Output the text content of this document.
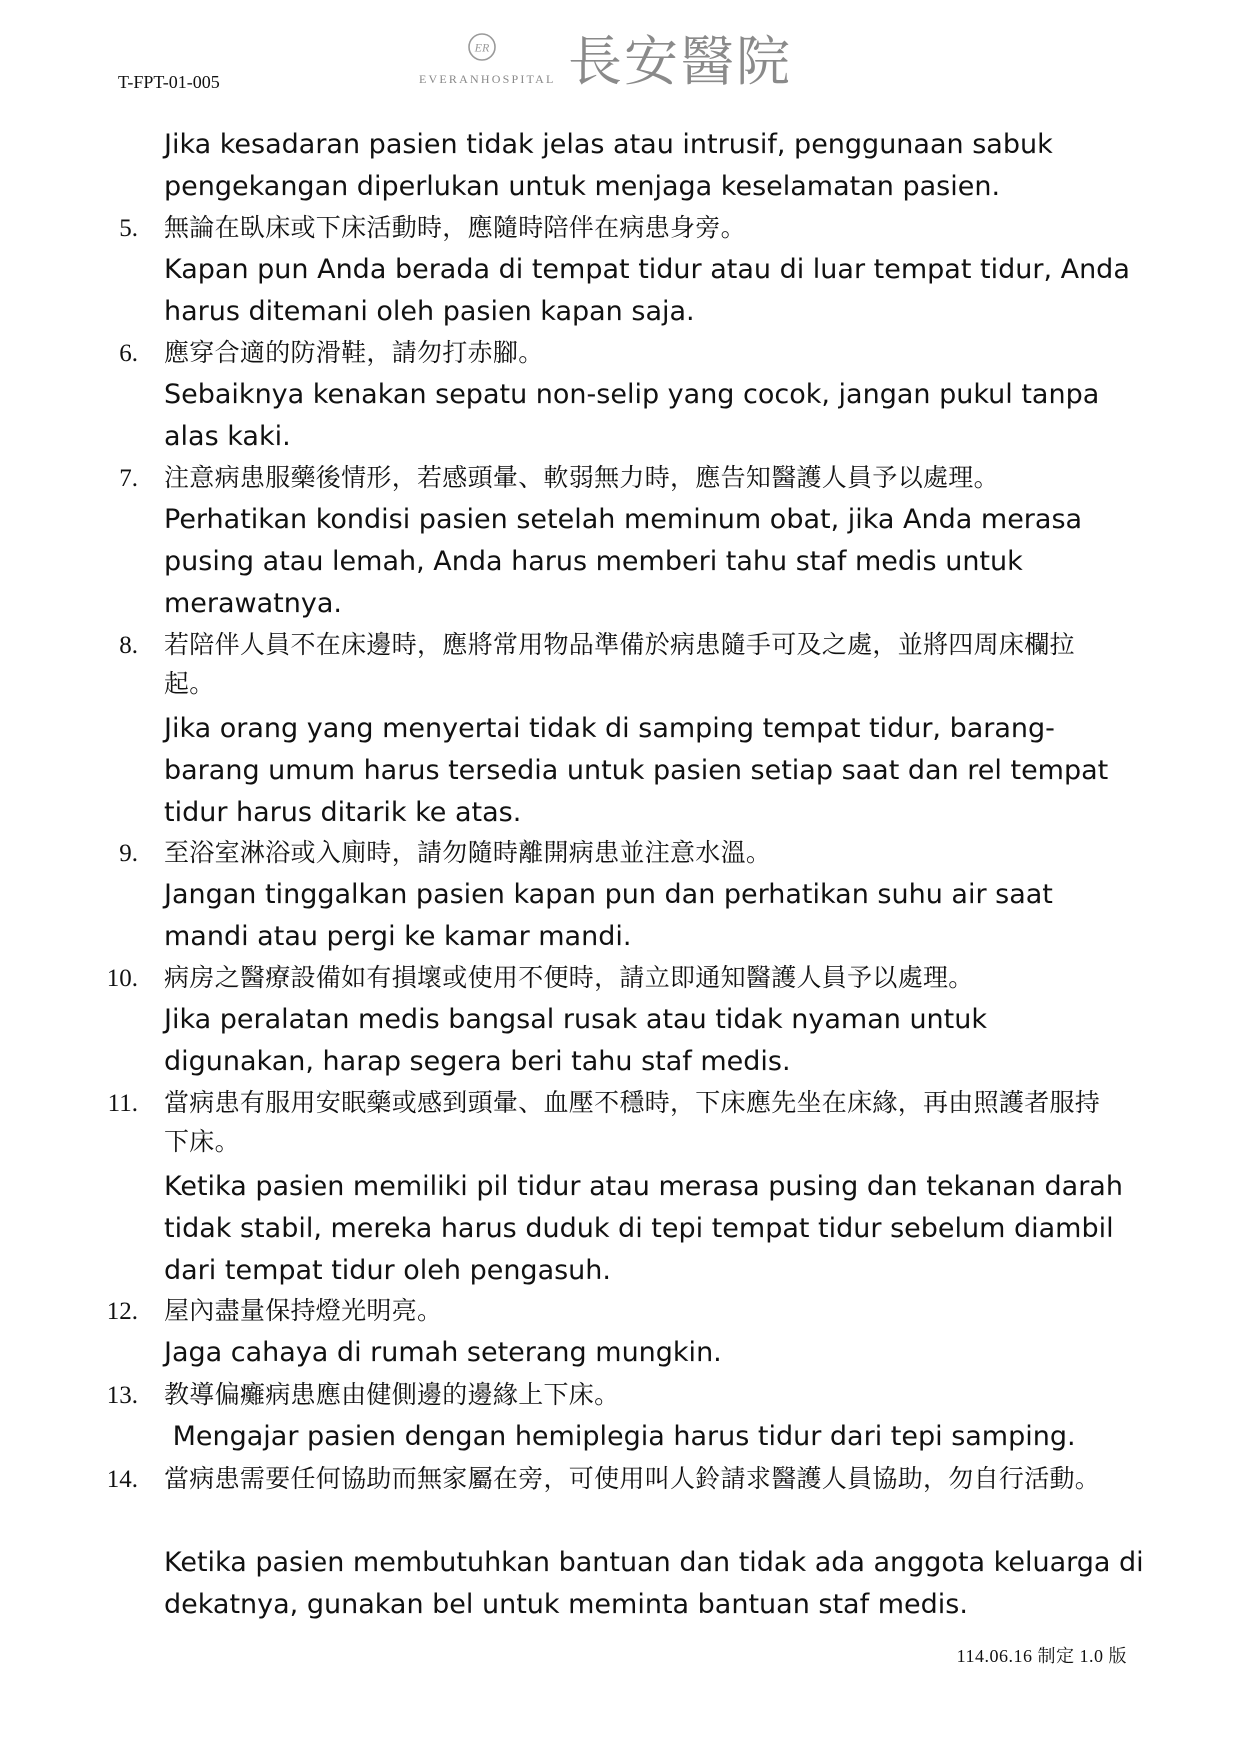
T-FPT-01-005
ER
EVERANHOSPITAL 長安醫院

Jika kesadaran pasien tidak jelas atau intrusif, penggunaan sabuk pengekangan diperlukan untuk menjaga keselamatan pasien.

5. 無論在臥床或下床活動時，應隨時陪伴在病患身旁。

Kapan pun Anda berada di tempat tidur atau di luar tempat tidur, Anda harus ditemani oleh pasien kapan saja.

6. 應穿合適的防滑鞋，請勿打赤腳。

Sebaiknya kenakan sepatu non-selip yang cocok, jangan pukul tanpa alas kaki.

7. 注意病患服藥後情形，若感頭暈、軟弱無力時，應告知醫護人員予以處理。

Perhatikan kondisi pasien setelah meminum obat, jika Anda merasa pusing atau lemah, Anda harus memberi tahu staf medis untuk merawatnya.

8. 若陪伴人員不在床邊時，應將常用物品準備於病患隨手可及之處，並將四周床欄拉起。

Jika orang yang menyertai tidak di samping tempat tidur, barang-barang umum harus tersedia untuk pasien setiap saat dan rel tempat tidur harus ditarik ke atas.

9. 至浴室淋浴或入廁時，請勿隨時離開病患並注意水溫。

Jangan tinggalkan pasien kapan pun dan perhatikan suhu air saat mandi atau pergi ke kamar mandi.

10. 病房之醫療設備如有損壞或使用不便時，請立即通知醫護人員予以處理。

Jika peralatan medis bangsal rusak atau tidak nyaman untuk digunakan, harap segera beri tahu staf medis.

11. 當病患有服用安眠藥或感到頭暈、血壓不穩時，下床應先坐在床緣，再由照護者服持下床。

Ketika pasien memiliki pil tidur atau merasa pusing dan tekanan darah tidak stabil, mereka harus duduk di tepi tempat tidur sebelum diambil dari tempat tidur oleh pengasuh.

12. 屋內盡量保持燈光明亮。

Jaga cahaya di rumah seterang mungkin.

13. 教導偏癱病患應由健側邊的邊緣上下床。

Mengajar pasien dengan hemiplegia harus tidur dari tepi samping.

14. 當病患需要任何協助而無家屬在旁，可使用叫人鈴請求醫護人員協助，勿自行活動。

Ketika pasien membutuhkan bantuan dan tidak ada anggota keluarga di dekatnya, gunakan bel untuk meminta bantuan staf medis.

114.06.16 制定 1.0 版
